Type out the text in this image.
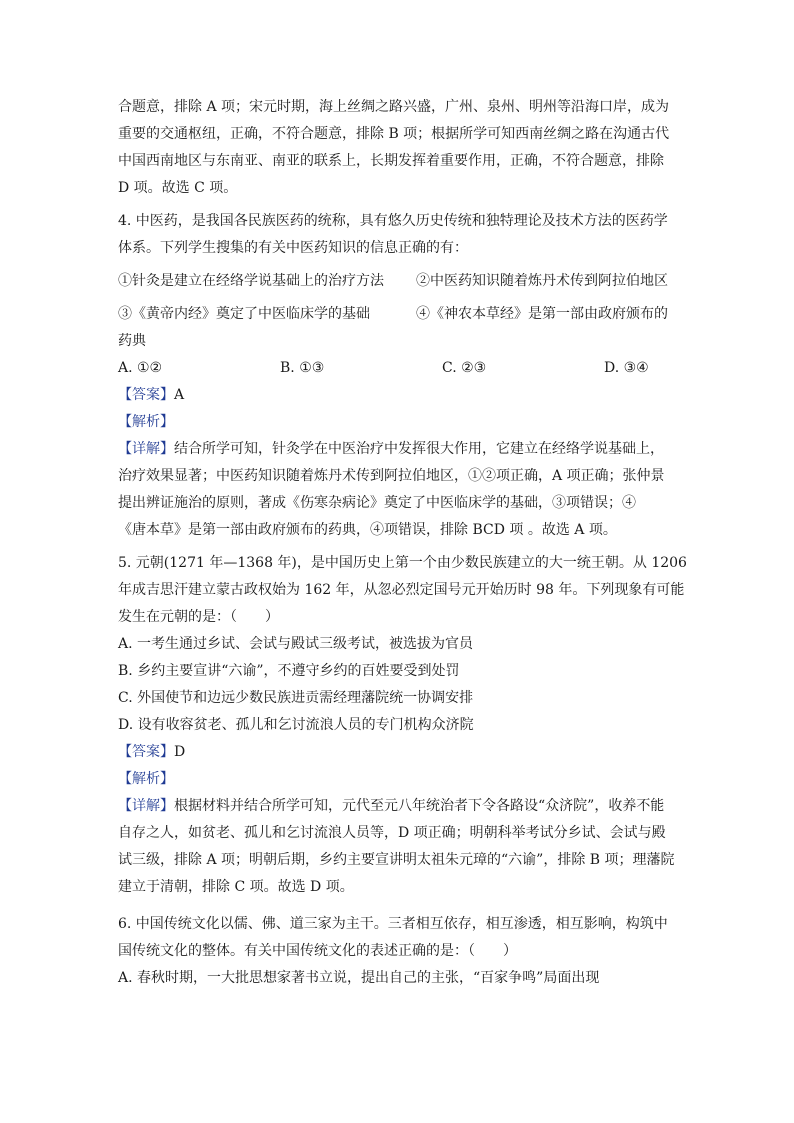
合题意，排除 A 项；宋元时期，海上丝绸之路兴盛，广州、泉州、明州等沿海口岸，成为

重要的交通枢纽，正确，不符合题意，排除 B 项；根据所学可知西南丝绸之路在沟通古代

中国西南地区与东南亚、南亚的联系上，长期发挥着重要作用，正确，不符合题意，排除

D 项。故选 C 项。

4. 中医药，是我国各民族医药的统称，具有悠久历史传统和独特理论及技术方法的医药学

体系。下列学生搜集的有关中医药知识的信息正确的有：

①针灸是建立在经络学说基础上的治疗方法	②中医药知识随着炼丹术传到阿拉伯地区
③《黄帝内经》奠定了中医临床学的基础	④《神农本草经》是第一部由政府颁布的

药典

A. ①②	B. ①③	C. ②③	D. ③④

【答案】A

【解析】

【详解】结合所学可知，针灸学在中医治疗中发挥很大作用，它建立在经络学说基础上，

治疗效果显著；中医药知识随着炼丹术传到阿拉伯地区，①②项正确，A 项正确；张仲景

提出辨证施治的原则，著成《伤寒杂病论》奠定了中医临床学的基础，③项错误；④

《唐本草》是第一部由政府颁布的药典，④项错误，排除 BCD 项 。故选 A 项。

5. 元朝(1271 年—1368 年)，是中国历史上第一个由少数民族建立的大一统王朝。从 1206

年成吉思汗建立蒙古政权始为 162 年，从忽必烈定国号元开始历时 98 年。下列现象有可能

发生在元朝的是：（　　）

A. 一考生通过乡试、会试与殿试三级考试，被选拔为官员

B. 乡约主要宣讲“六谕”，不遵守乡约的百姓要受到处罚

C. 外国使节和边远少数民族进贡需经理藩院统一协调安排

D. 设有收容贫老、孤儿和乞讨流浪人员的专门机构众济院

【答案】D

【解析】

【详解】根据材料并结合所学可知，元代至元八年统治者下令各路设“众济院”，收养不能

自存之人，如贫老、孤儿和乞讨流浪人员等，D 项正确；明朝科举考试分乡试、会试与殿

试三级，排除 A 项；明朝后期，乡约主要宣讲明太祖朱元璋的“六谕”，排除 B 项；理藩院

建立于清朝，排除 C 项。故选 D 项。

6. 中国传统文化以儒、佛、道三家为主干。三者相互依存，相互渗透，相互影响，构筑中

国传统文化的整体。有关中国传统文化的表述正确的是：（　　）

A. 春秋时期，一大批思想家著书立说，提出自己的主张，“百家争鸣”局面出现
